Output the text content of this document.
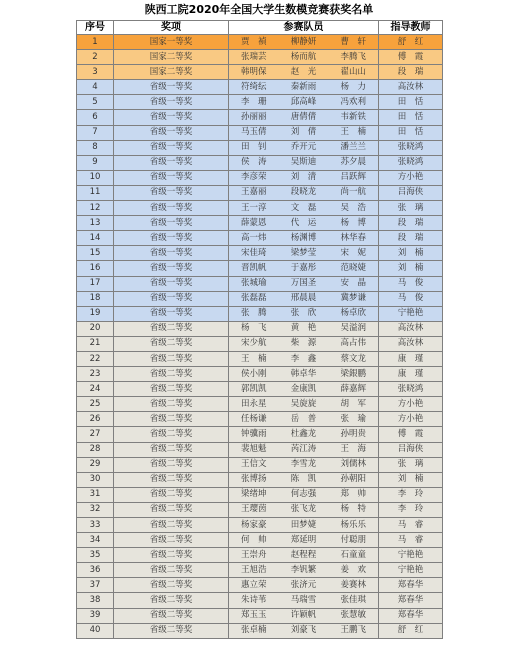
陕西工院2020年全国大学生数模竞赛获奖名单
序号	奖项	参赛队员			指导教师
1	国家一等奖	贾　禎	柳静妍	曹　轩	舒　红
2	国家二等奖	张瑞芸	杨而航	李腾飞	傅　霞
3	国家二等奖	韩明保	赵　光	翟山山	段　瑞
4	省级一等奖	符绮纭	秦新雨	杨　力	高汝林
5	省级一等奖	李　珊	邱高峰	冯欢利	田　恬
6	省级一等奖	孙丽丽	唐倩倩	韦新铁	田　恬
7	省级一等奖	马玉倩	刘　倩	王　楠	田　恬
8	省级一等奖	田　钊	乔开元	潘兰兰	张晓鸿
9	省级一等奖	侯　涛	吴斯迪	苏夕晨	张晓鸿
10	省级一等奖	李彦荣	刘　清	吕跃辉	方小艳
11	省级一等奖	王嘉丽	段晓龙	尚一航	吕海侠
12	省级一等奖	王一淳	文　磊	吴　浩	张　璃
13	省级一等奖	薛蒙恩	代　运	杨　博	段　瑞
14	省级一等奖	高一炜	杨渊博	林华春	段　瑞
15	省级一等奖	宋佳琦	梁梦莹	宋　妮	刘　楠
16	省级一等奖	晋凯帆	于嘉彤	范晓婕	刘　楠
17	省级一等奖	张城瑜	万国圣	安　晶	马　俊
18	省级一等奖	张磊磊	邢晨晨	冀梦谦	马　俊
19	省级一等奖	张　腾	张　欣	杨卓欣	宁艳艳
20	省级二等奖	杨　飞	黄　艳	吴溢润	高汝林
21	省级二等奖	宋少航	柴　源	高占伟	高汝林
22	省级二等奖	王　楠	李　鑫	蔡文龙	康　瑾
23	省级二等奖	侯小刚	韩卓华	梁銀鹏	康　瑾
24	省级二等奖	郭凯凯	金康凯	薛嘉辉	张晓鸿
25	省级二等奖	田永星	吴旋旋	胡　军	方小艳
26	省级二等奖	任杨谦	岳　普	张　瑜	方小艳
27	省级二等奖	钟骥雨	杜鑫龙	孙明贵	傅　霞
28	省级二等奖	裴旭魁	芮江涛	王　海	吕海侠
29	省级二等奖	王信文	李雪龙	刘儒林	张　璃
30	省级二等奖	张博扬	陈　凯	孙朝阳	刘　楠
31	省级二等奖	梁绪坤	何志强	郑　帅	李　玲
32	省级二等奖	王璎茵	张飞龙	杨　特	李　玲
33	省级二等奖	杨家豪	田梦婕	杨乐乐	马　睿
34	省级二等奖	何　帅	郑延明	付聪朋	马　睿
35	省级二等奖	王崇舟	赵程程	石童童	宁艳艳
36	省级二等奖	王旭浩	李钒繁	姜　欢	宁艳艳
37	省级二等奖	惠立荣	张济元	姜赛林	郑春华
38	省级二等奖	朱诗苇	马瑞雪	张佳琪	郑春华
39	省级二等奖	郑玉玉	许颖帆	张慧敏	郑春华
40	省级二等奖	张卓楠	刘豪飞	王鹏飞	舒　红
